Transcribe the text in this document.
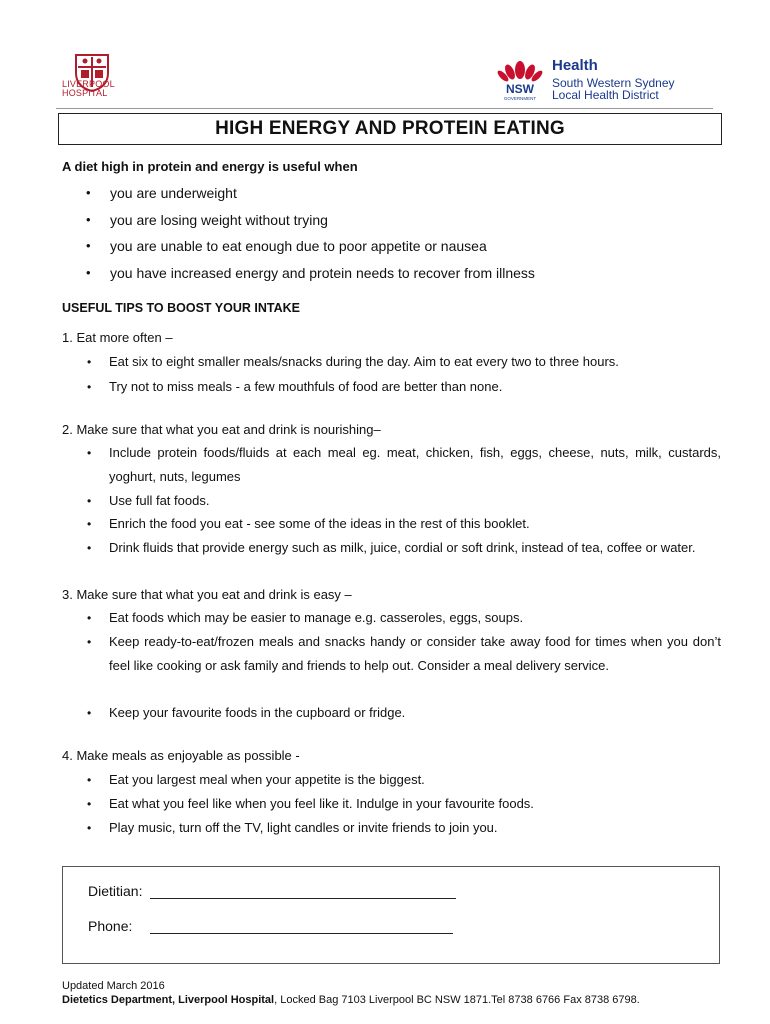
LIVERPOOL
HOSPITAL	NSW
GOVERNMENT
Health
South Western Sydney
Local Health District
HIGH ENERGY AND PROTEIN EATING
A diet high in protein and energy is useful when
• you are underweight
• you are losing weight without trying
• you are unable to eat enough due to poor appetite or nausea
• you have increased energy and protein needs to recover from illness
USEFUL TIPS TO BOOST YOUR INTAKE
1. Eat more often –
• Eat six to eight smaller meals/snacks during the day. Aim to eat every two to three hours.
• Try not to miss meals - a few mouthfuls of food are better than none.
2. Make sure that what you eat and drink is nourishing–
• Include protein foods/fluids at each meal eg. meat, chicken, fish, eggs, cheese, nuts, milk, custards, yoghurt, nuts, legumes
• Use full fat foods.
• Enrich the food you eat - see some of the ideas in the rest of this booklet.
• Drink fluids that provide energy such as milk, juice, cordial or soft drink, instead of tea, coffee or water.
3. Make sure that what you eat and drink is easy –
• Eat foods which may be easier to manage e.g. casseroles, eggs, soups.
• Keep ready-to-eat/frozen meals and snacks handy or consider take away food for times when you don’t feel like cooking or ask family and friends to help out. Consider a meal delivery service.
• Keep your favourite foods in the cupboard or fridge.
4. Make meals as enjoyable as possible -
• Eat you largest meal when your appetite is the biggest.
• Eat what you feel like when you feel like it. Indulge in your favourite foods.
• Play music, turn off the TV, light candles or invite friends to join you.
Dietitian:
Phone:
Updated March 2016
Dietetics Department, Liverpool Hospital, Locked Bag 7103 Liverpool BC NSW 1871.Tel 8738 6766 Fax 8738 6798.
